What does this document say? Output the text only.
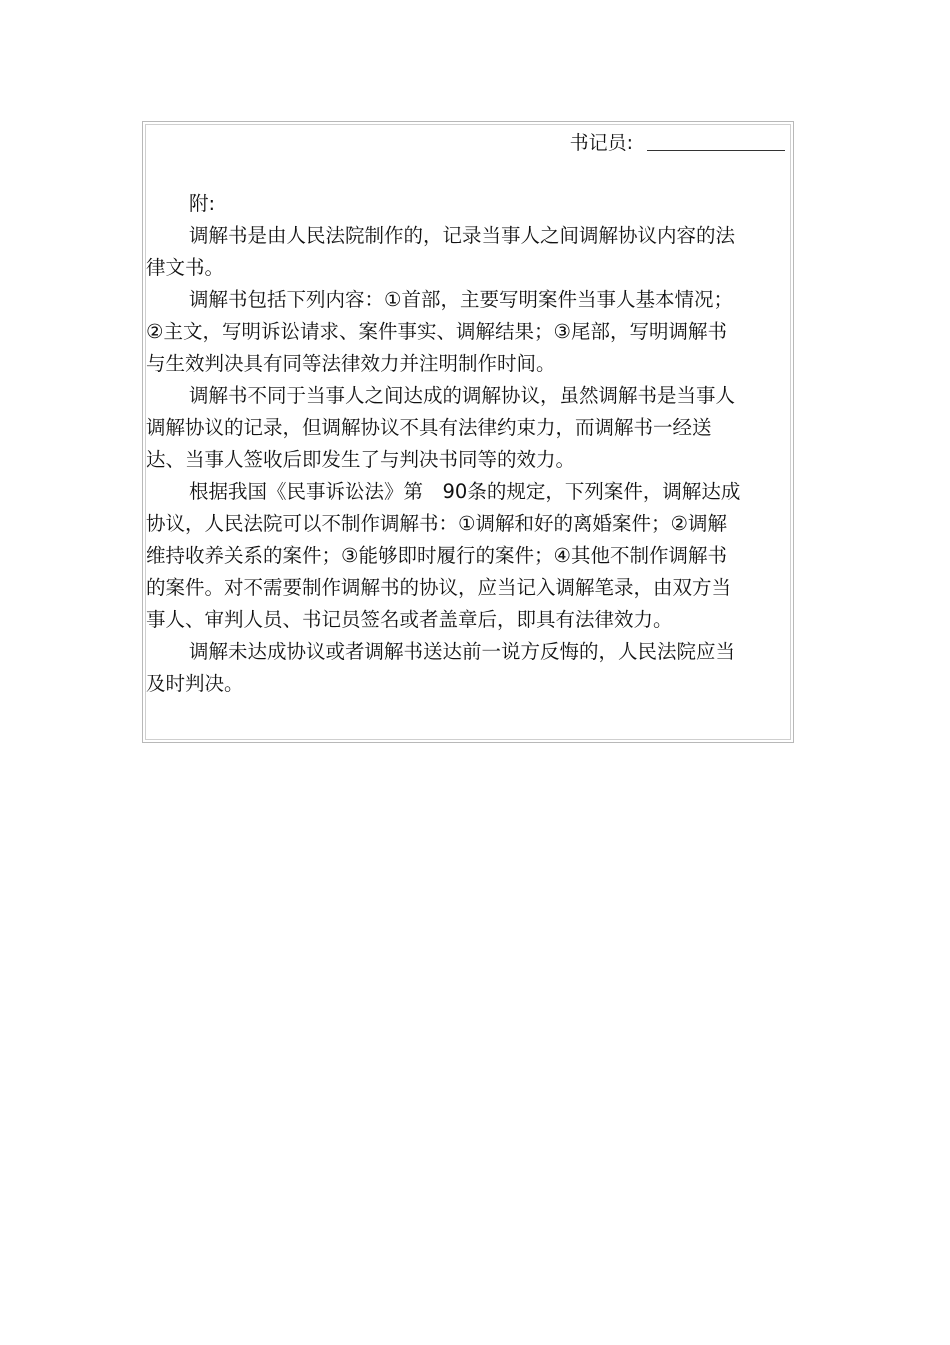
书记员:

附:

调解书是由人民法院制作的，记录当事人之间调解协议内容的法律文书。

调解书包括下列内容：①首部，主要写明案件当事人基本情况；②主文，写明诉讼请求、案件事实、调解结果；③尾部，写明调解书与生效判决具有同等法律效力并注明制作时间。

调解书不同于当事人之间达成的调解协议，虽然调解书是当事人调解协议的记录，但调解协议不具有法律约束力，而调解书一经送达、当事人签收后即发生了与判决书同等的效力。

根据我国《民事诉讼法》第　90条的规定，下列案件，调解达成协议，人民法院可以不制作调解书：①调解和好的离婚案件；②调解维持收养关系的案件；③能够即时履行的案件；④其他不制作调解书的案件。对不需要制作调解书的协议，应当记入调解笔录，由双方当事人、审判人员、书记员签名或者盖章后，即具有法律效力。

调解未达成协议或者调解书送达前一说方反悔的，人民法院应当及时判决。
